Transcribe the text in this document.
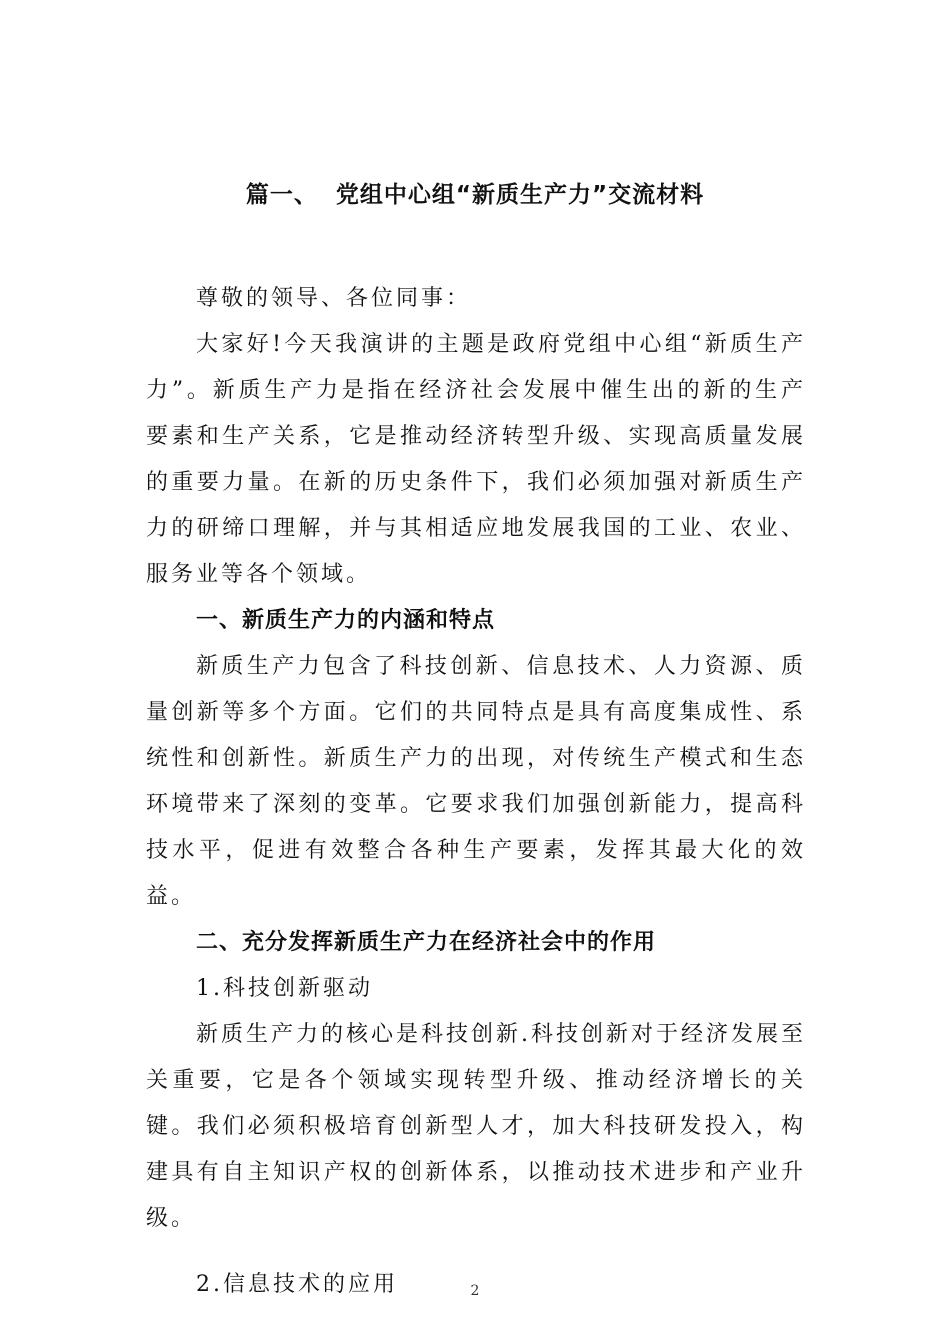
篇一、  党组中心组“新质生产力”交流材料

尊敬的领导、各位同事：

大家好!今天我演讲的主题是政府党组中心组“新质生产力”。新质生产力是指在经济社会发展中催生出的新的生产要素和生产关系，它是推动经济转型升级、实现高质量发展的重要力量。在新的历史条件下，我们必须加强对新质生产力的研缔口理解，并与其相适应地发展我国的工业、农业、服务业等各个领域。

一、新质生产力的内涵和特点

新质生产力包含了科技创新、信息技术、人力资源、质量创新等多个方面。它们的共同特点是具有高度集成性、系统性和创新性。新质生产力的出现，对传统生产模式和生态环境带来了深刻的变革。它要求我们加强创新能力，提高科技水平，促进有效整合各种生产要素，发挥其最大化的效益。

二、充分发挥新质生产力在经济社会中的作用

1.科技创新驱动

新质生产力的核心是科技创新.科技创新对于经济发展至关重要，它是各个领域实现转型升级、推动经济增长的关键。我们必须积极培育创新型人才，加大科技研发投入，构建具有自主知识产权的创新体系，以推动技术进步和产业升级。

2.信息技术的应用	2
